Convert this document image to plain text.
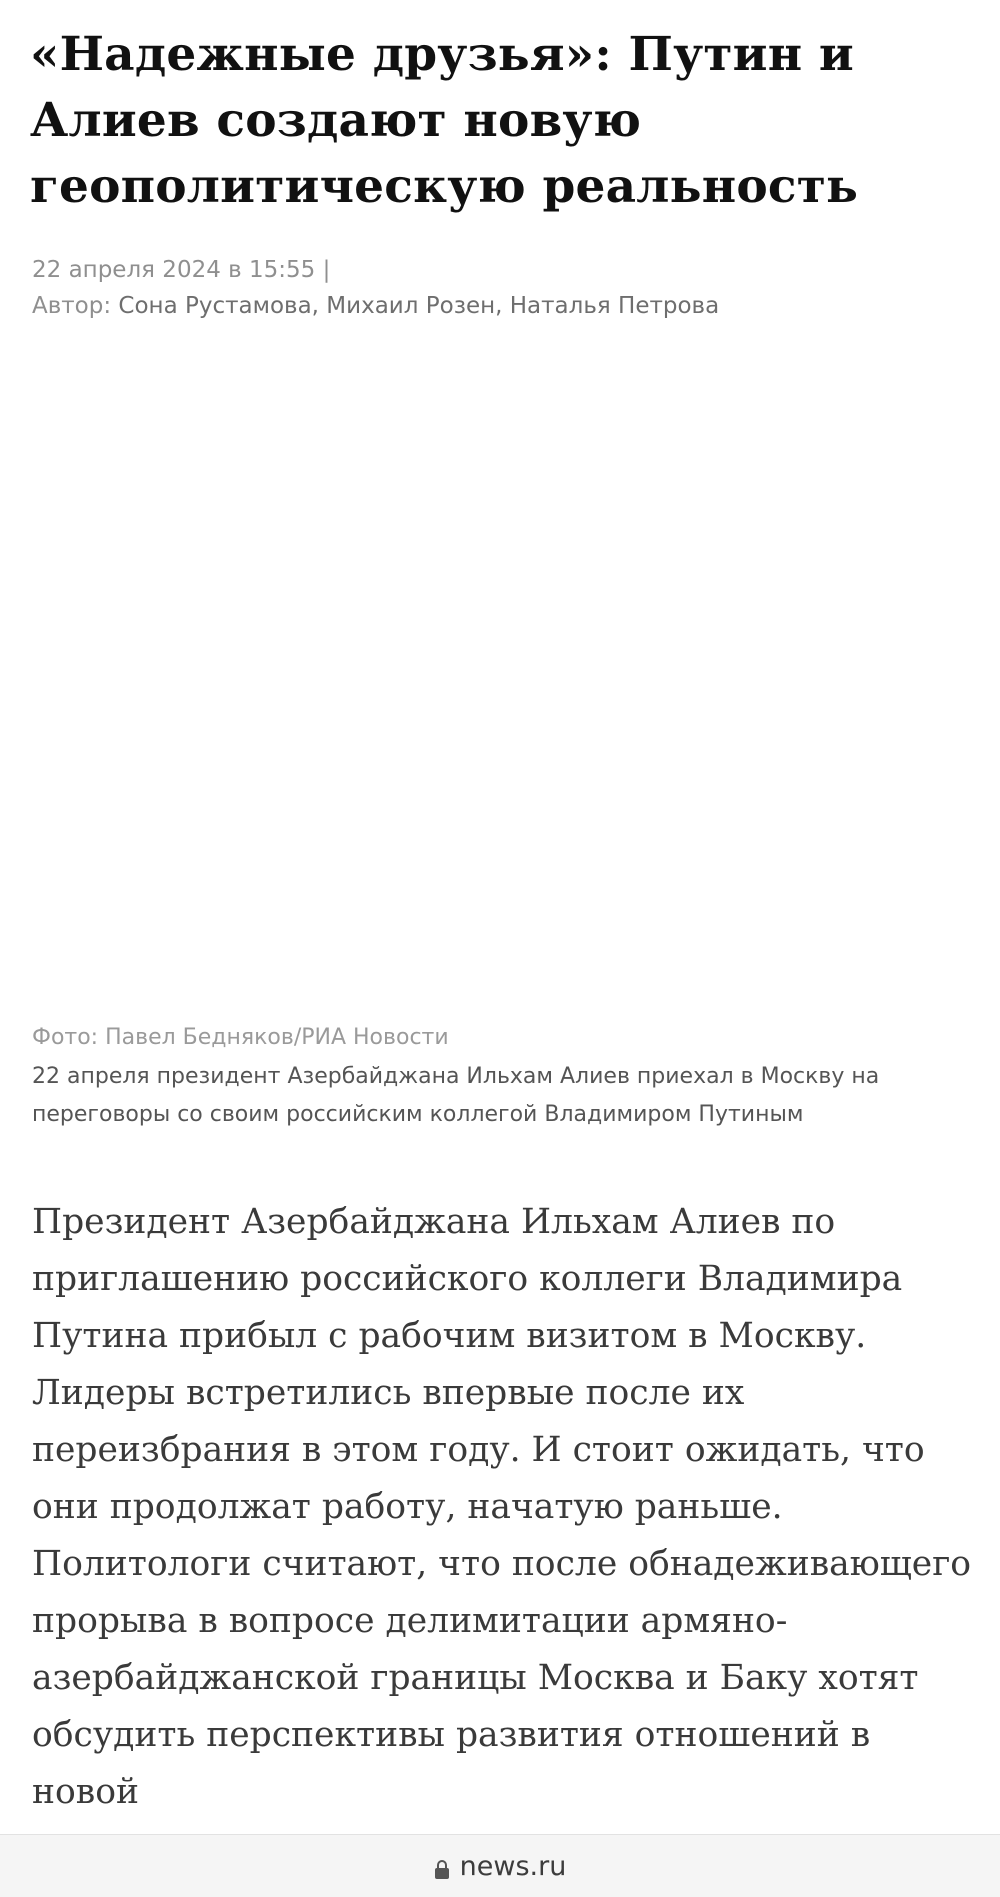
«Надежные друзья»: Путин и Алиев создают новую геополитическую реальность
22 апреля 2024 в 15:55 |
Автор: Сона Рустамова, Михаил Розен, Наталья Петрова
Фото: Павел Бедняков/РИА Новости

22 апреля президент Азербайджана Ильхам Алиев приехал в Москву на переговоры со своим российским коллегой Владимиром Путиным

Президент Азербайджана Ильхам Алиев по приглашению российского коллеги Владимира Путина прибыл с рабочим визитом в Москву. Лидеры встретились впервые после их переизбрания в этом году. И стоит ожидать, что они продолжат работу, начатую раньше. Политологи считают, что после обнадеживающего прорыва в вопросе делимитации армяно-азербайджанской границы Москва и Баку хотят обсудить перспективы развития отношений в новой

news.ru
